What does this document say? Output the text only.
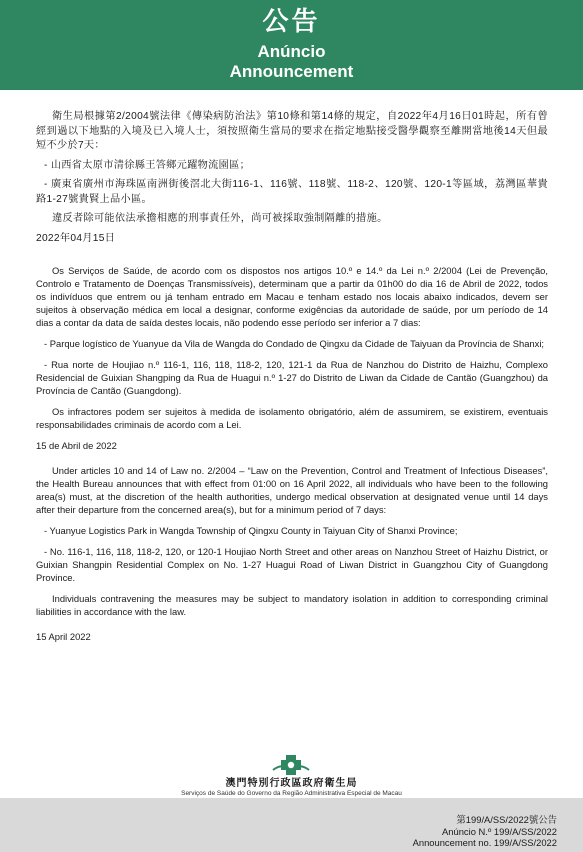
公告
Anúncio
Announcement

衛生局根據第2/2004號法律《傳染病防治法》第10條和第14條的規定，自2022年4月16日01時起，所有曾經到過以下地點的入境及已入境人士，須按照衛生當局的要求在指定地點接受醫學觀察至離開當地後14天但最短不少於7天：

- 山西省太原市清徐縣王答鄉元躍物流園區；

- 廣東省廣州市海珠區南洲街後滘北大街116-1、116號、118號、118-2、120號、120-1等區域，荔灣區華貴路1-27號貴賢上品小區。

違反者除可能依法承擔相應的刑事責任外，尚可被採取強制隔離的措施。

2022年04月15日

Os Serviços de Saúde, de acordo com os dispostos nos artigos 10.º e 14.º da Lei n.º 2/2004 (Lei de Prevenção, Controlo e Tratamento de Doenças Transmissíveis), determinam que a partir da 01h00 do dia 16 de Abril de 2022, todos os indivíduos que entrem ou já tenham entrado em Macau e tenham estado nos locais abaixo indicados, devem ser sujeitos à observação médica em local a designar, conforme exigências da autoridade de saúde, por um período de 14 dias a contar da data de saída destes locais, não podendo esse período ser inferior a 7 dias:

- Parque logístico de Yuanyue da Vila de Wangda do Condado de Qingxu da Cidade de Taiyuan da Província de Shanxi;

- Rua norte de Houjiao n.º 116-1, 116, 118, 118-2, 120, 121-1 da Rua de Nanzhou do Distrito de Haizhu, Complexo Residencial de Guixian Shangping da Rua de Huagui n.º 1-27 do Distrito de Liwan da Cidade de Cantão (Guangzhou) da Província de Cantão (Guangdong).

Os infractores podem ser sujeitos à medida de isolamento obrigatório, além de assumirem, se existirem, eventuais responsabilidades criminais de acordo com a Lei.

15 de Abril de 2022

Under articles 10 and 14 of Law no. 2/2004 – “Law on the Prevention, Control and Treatment of Infectious Diseases”, the Health Bureau announces that with effect from 01:00 on 16 April 2022, all individuals who have been to the following area(s) must, at the discretion of the health authorities, undergo medical observation at designated venue until 14 days after their departure from the concerned area(s), but for a minimum period of 7 days:

- Yuanyue Logistics Park in Wangda Township of Qingxu County in Taiyuan City of Shanxi Province;

- No. 116-1, 116, 118, 118-2, 120, or 120-1 Houjiao North Street and other areas on Nanzhou Street of Haizhu District, or Guixian Shangpin Residential Complex on No. 1-27 Huagui Road of Liwan District in Guangzhou City of Guangdong Province.

Individuals contravening the measures may be subject to mandatory isolation in addition to corresponding criminal liabilities in accordance with the law.

15 April 2022

澳門特別行政區政府衛生局
Serviços de Saúde do Governo da Região Administrativa Especial de Macau
第199/A/SS/2022號公告
Anúncio N.º 199/A/SS/2022
Announcement no. 199/A/SS/2022
